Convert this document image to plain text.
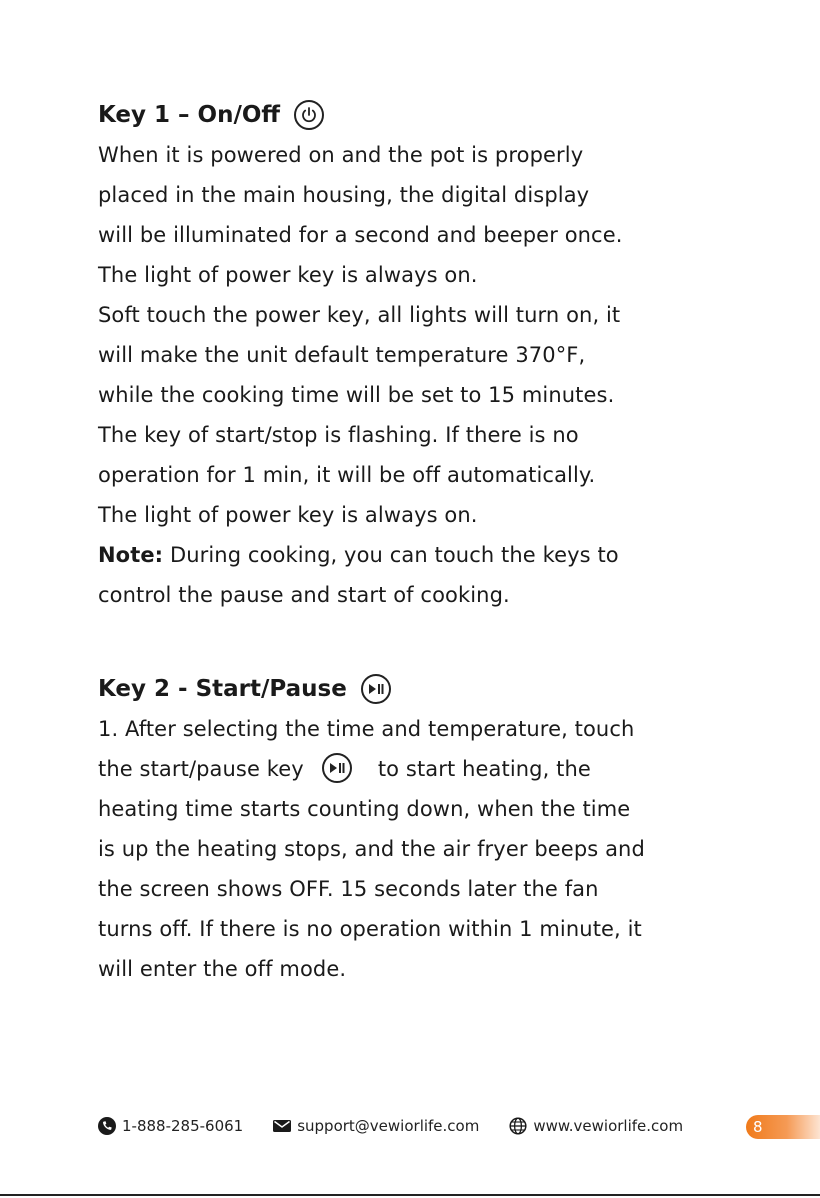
Key 1 – On/Off
When it is powered on and the pot is properly
placed in the main housing, the digital display
will be illuminated for a second and beeper once.
The light of power key is always on.
Soft touch the power key, all lights will turn on, it
will make the unit default temperature 370°F,
while the cooking time will be set to 15 minutes.
The key of start/stop is flashing. If there is no
operation for 1 min, it will be off automatically.
The light of power key is always on.
Note: During cooking, you can touch the keys to
control the pause and start of cooking.
Key 2 - Start/Pause
1. After selecting the time and temperature, touch
the start/pause key	to start heating, the
heating time starts counting down, when the time
is up the heating stops, and the air fryer beeps and
the screen shows OFF. 15 seconds later the fan
turns off. If there is no operation within 1 minute, it
will enter the off mode.
1-888-285-6061	support@vewiorlife.com	www.vewiorlife.com	8
